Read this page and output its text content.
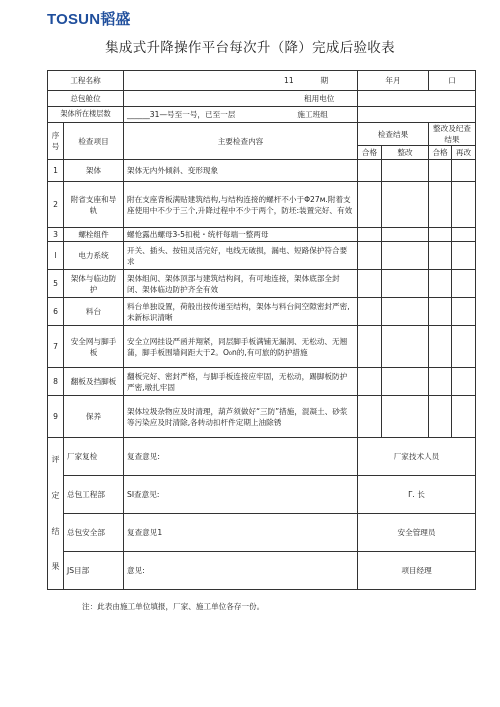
TOSUN韬盛
集成式升降操作平台每次升（降）完成后验收表
工程名称		11 期	年月		口	
总包舱位		租用电位				
架体所在楼层数		______31—号至一号，已至一层 施工班组				
序号	检查项目	主要检查内容	检查结果		整改及纪查结果	
			合格	整改	合格	再改
1	架体	架体无内外倾斜、变形现象				
2	附省支座和导轨	附在支座背板满贴建筑结构,与结构连接的螺杆不小于Φ27м.附着支座使用中不少于三个,升降过程中不少于两个，防坯:装置完好、有效				
3	螺栓组件	螺怆露出螺母3-5扣税・统杆每端一整两母				
l	电力系统	开关、插头、按钮灵活完好，电线无破损，漏电、短路保护符合要求				
5	架体与临边防护	架体组间、架体顶部与建筑结构间，有可地连接，架体底部全封闭、架体临边防护齐全有效				
6	料台	料台单独设置，荷般出按传递至结构，架体与料台间空隙密封严密,未新标识清晰				
7	安全网与脚手板	安全立网挂设严函并翔紧，同层脚手板满铺无漏洞、无松动、无翘蒲，脚手板围墙间距大于2。O₀n的,有可旅的防护措施				
8	翻板及挡脚板	翻板完好、密封严格，与脚手板连接应牢固，无松动，踢脚板防护严密,墩扎牢固				
9	保养	架体垃圾杂物应及时清理，葫芦须做好“三防”措施，混凝土、砂浆等污染应及时清除,各转动扣杆件定期上油除锈				

评
定
结
果	厂家复检	复查意见:	厂家技术人员			
	总包工程部	SI查意见:	Γ. 长			
	总包安全部	复查意见1	安全管理员			
	JS目部	意见:	项目经理			
注：此表由施工单位填报，厂家、施工单位各存一份。
